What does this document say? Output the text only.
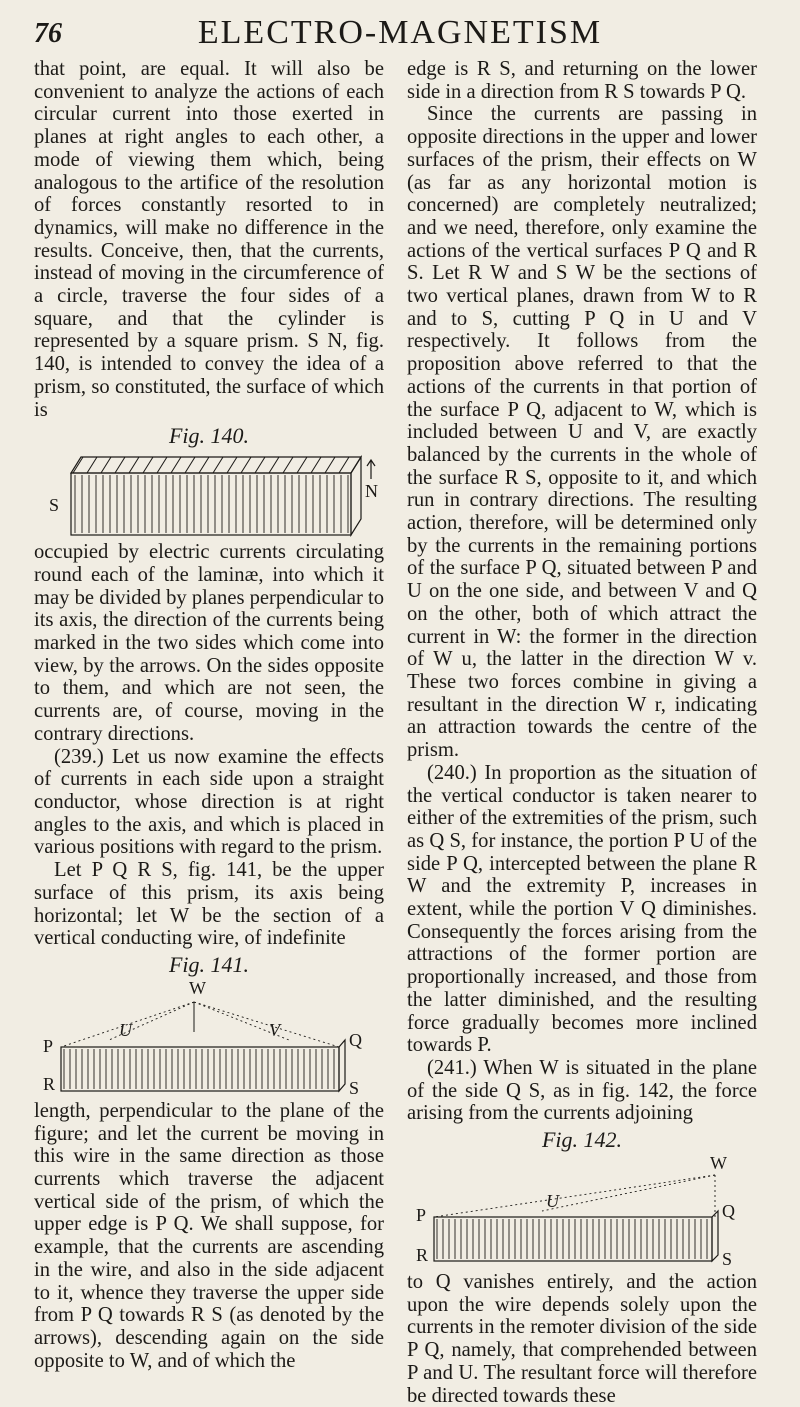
76	ELECTRO-MAGNETISM

that point, are equal. It will also be convenient to analyze the actions of each circular current into those exerted in planes at right angles to each other, a mode of viewing them which, being analogous to the artifice of the resolution of forces constantly resorted to in dynamics, will make no difference in the results. Conceive, then, that the currents, instead of moving in the circumference of a circle, traverse the four sides of a square, and that the cylinder is represented by a square prism. S N, fig. 140, is intended to convey the idea of a prism, so constituted, the surface of which is

Fig. 140.
S
N

occupied by electric currents circulating round each of the laminæ, into which it may be divided by planes perpendicular to its axis, the direction of the currents being marked in the two sides which come into view, by the arrows. On the sides opposite to them, and which are not seen, the currents are, of course, moving in the contrary directions.

(239.) Let us now examine the effects of currents in each side upon a straight conductor, whose direction is at right angles to the axis, and which is placed in various positions with regard to the prism.

Let P Q R S, fig. 141, be the upper surface of this prism, its axis being horizontal; let W be the section of a vertical conducting wire, of indefinite

Fig. 141.
W
P	Q
R	S
U	V

length, perpendicular to the plane of the figure; and let the current be moving in this wire in the same direction as those currents which traverse the adjacent vertical side of the prism, of which the upper edge is P Q. We shall suppose, for example, that the currents are ascending in the wire, and also in the side adjacent to it, whence they traverse the upper side from P Q towards R S (as denoted by the arrows), descending again on the side opposite to W, and of which the

edge is R S, and returning on the lower side in a direction from R S towards P Q.

Since the currents are passing in opposite directions in the upper and lower surfaces of the prism, their effects on W (as far as any horizontal motion is concerned) are completely neutralized; and we need, therefore, only examine the actions of the vertical surfaces P Q and R S. Let R W and S W be the sections of two vertical planes, drawn from W to R and to S, cutting P Q in U and V respectively. It follows from the proposition above referred to that the actions of the currents in that portion of the surface P Q, adjacent to W, which is included between U and V, are exactly balanced by the currents in the whole of the surface R S, opposite to it, and which run in contrary directions. The resulting action, therefore, will be determined only by the currents in the remaining portions of the surface P Q, situated between P and U on the one side, and between V and Q on the other, both of which attract the current in W: the former in the direction of W u, the latter in the direction W v. These two forces combine in giving a resultant in the direction W r, indicating an attraction towards the centre of the prism.

(240.) In proportion as the situation of the vertical conductor is taken nearer to either of the extremities of the prism, such as Q S, for instance, the portion P U of the side P Q, intercepted between the plane R W and the extremity P, increases in extent, while the portion V Q diminishes. Consequently the forces arising from the attractions of the former portion are proportionally increased, and those from the latter diminished, and the resulting force gradually becomes more inclined towards P.

(241.) When W is situated in the plane of the side Q S, as in fig. 142, the force arising from the currents adjoining

Fig. 142.
W
P	Q
R	S
U

to Q vanishes entirely, and the action upon the wire depends solely upon the currents in the remoter division of the side P Q, namely, that comprehended between P and U. The resultant force will therefore be directed towards these
